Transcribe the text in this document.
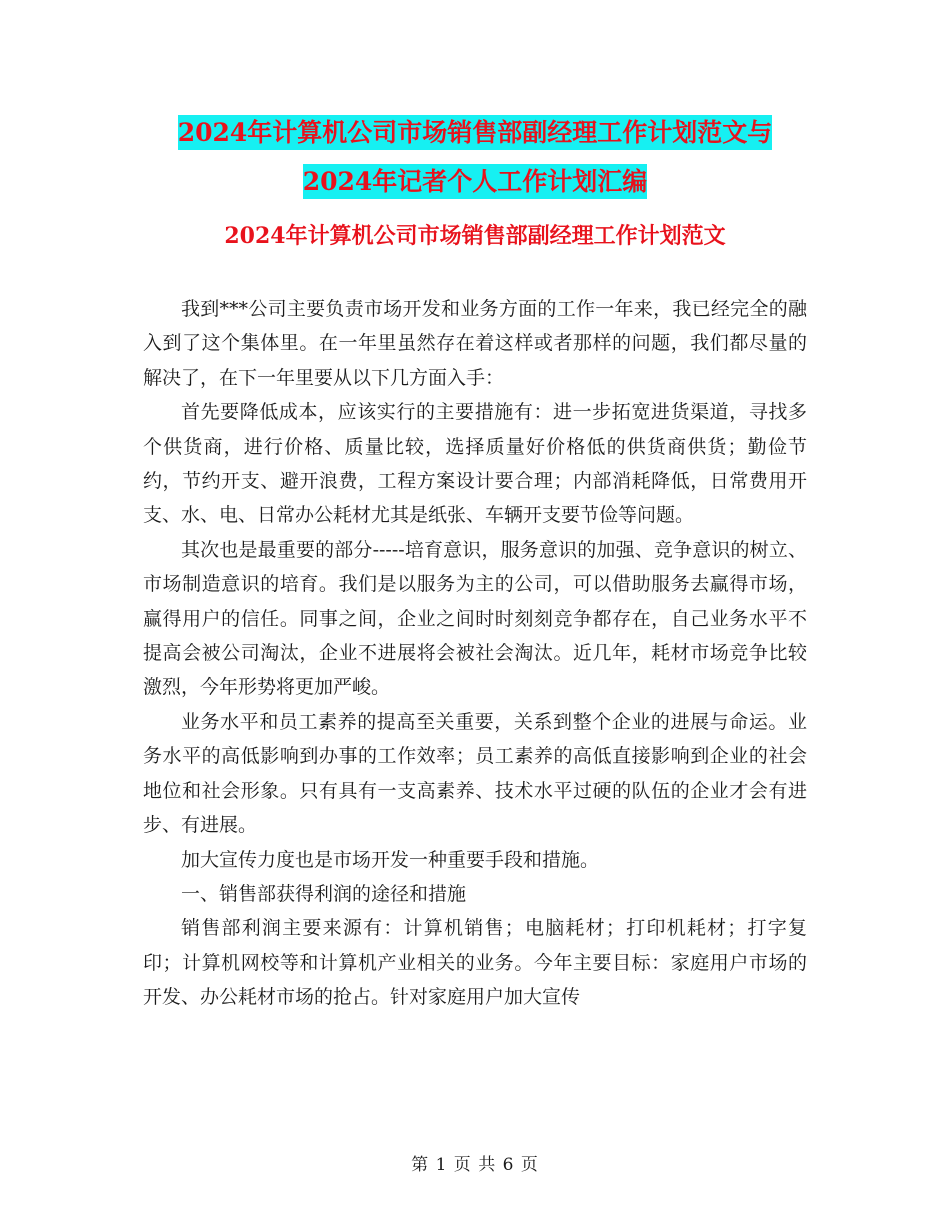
2024年计算机公司市场销售部副经理工作计划范文与
2024年记者个人工作计划汇编
2024年计算机公司市场销售部副经理工作计划范文

我到***公司主要负责市场开发和业务方面的工作一年来，我已经完全的融入到了这个集体里。在一年里虽然存在着这样或者那样的问题，我们都尽量的解决了，在下一年里要从以下几方面入手：

首先要降低成本，应该实行的主要措施有：进一步拓宽进货渠道，寻找多个供货商，进行价格、质量比较，选择质量好价格低的供货商供货；勤俭节约，节约开支、避开浪费，工程方案设计要合理；内部消耗降低，日常费用开支、水、电、日常办公耗材尤其是纸张、车辆开支要节俭等问题。

其次也是最重要的部分-----培育意识，服务意识的加强、竞争意识的树立、市场制造意识的培育。我们是以服务为主的公司，可以借助服务去赢得市场，赢得用户的信任。同事之间，企业之间时时刻刻竞争都存在，自己业务水平不提高会被公司淘汰，企业不进展将会被社会淘汰。近几年，耗材市场竞争比较激烈，今年形势将更加严峻。

业务水平和员工素养的提高至关重要，关系到整个企业的进展与命运。业务水平的高低影响到办事的工作效率；员工素养的高低直接影响到企业的社会地位和社会形象。只有具有一支高素养、技术水平过硬的队伍的企业才会有进步、有进展。

加大宣传力度也是市场开发一种重要手段和措施。

一、销售部获得利润的途径和措施

销售部利润主要来源有：计算机销售；电脑耗材；打印机耗材；打字复印；计算机网校等和计算机产业相关的业务。今年主要目标：家庭用户市场的开发、办公耗材市场的抢占。针对家庭用户加大宣传

第 1 页 共 6 页
